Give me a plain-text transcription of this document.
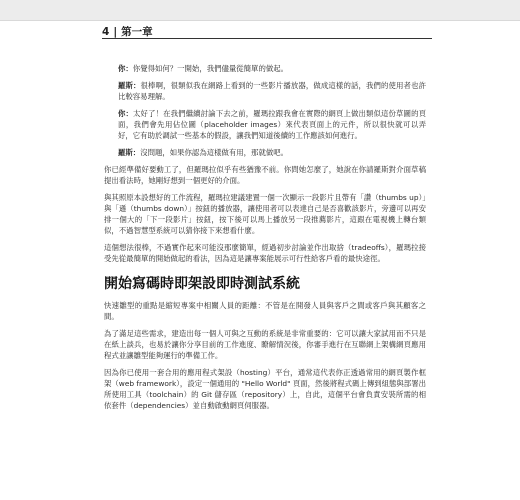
4 | 第一章

你：你覺得如何？一開始，我們儘量從簡單的做起。

羅斯：很棒啊，很類似我在網路上看到的一些影片播放器，做成這樣的話，我們的使用者也許比較容易理解。

你：太好了！在我們繼續討論下去之前，羅瑪拉跟我會在實際的網頁上做出類似這份草圖的頁面，我們會先用佔位圖（placeholder images）來代表頁面上的元件，所以很快就可以弄好，它有助於調試一些基本的假設，讓我們知道後續的工作應該如何進行。

羅斯：沒問題，如果你認為這樣做有用，那就做吧。

你已經準備好要動工了，但羅瑪拉似乎有些猶豫不前。你問她怎麼了，她說在你請羅斯對介面草稿提出看法時，她剛好想到一個更好的介面。

與其照原本設想好的工作流程，羅瑪拉建議建置一個一次顯示一段影片且帶有「讚（thumbs up）」與「遜（thumbs down）」按鈕的播放器，讓使用者可以表達自己是否喜歡該影片，旁邊可以再安排一個大的「下一段影片」按鈕，按下後可以馬上播放另一段推薦影片，這跟在電視機上轉台類似，不過智慧型系統可以猜你接下來想看什麼。

這個想法很棒，不過實作起來可能沒那麼簡單，經過初步討論並作出取捨（tradeoffs），羅瑪拉接受先從最簡單的開始做起的看法，因為這是讓專案能展示可行性給客戶看的最快途徑。

開始寫碼時即架設即時測試系統

快速雛型的重點是縮短專案中相關人員的距離：不管是在開發人員與客戶之間或客戶與其顧客之間。

為了滿足這些需求，建造出每一個人可與之互動的系統是非常重要的：它可以讓大家試用而不只是在紙上談兵，也易於讓你分享目前的工作進度、瞭解情況後，你審手進行在互聯網上架構網頁應用程式並讓雛型能夠運行的準備工作。

因為你已使用一套合用的應用程式架設（hosting）平台，通常這代表你正透過常用的網頁製作框架（web framework），設定一個通用的 "Hello World" 頁面，然後將程式碼上傳到組態與部署出所使用工具（toolchain）的 Git 儲存區（repository）上，自此，這個平台會負責安裝所需的相依套件（dependencies）並自動啟動網頁伺服器。
